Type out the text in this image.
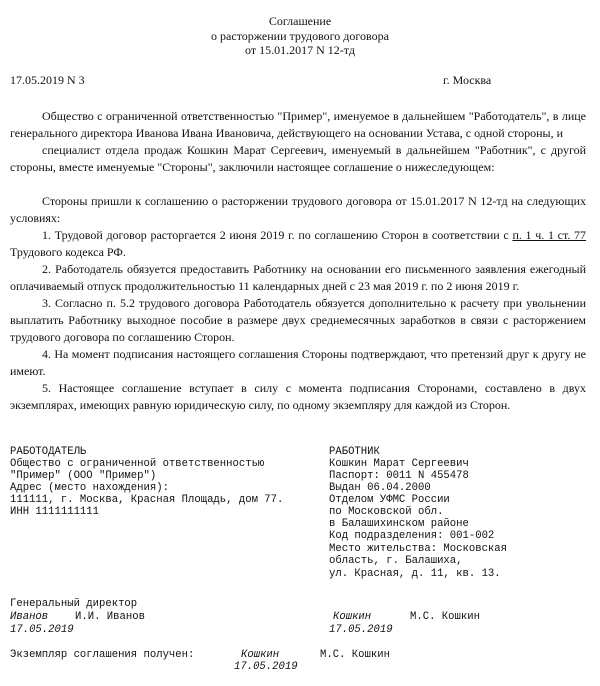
Соглашение
о расторжении трудового договора
от 15.01.2017 N 12-тд
17.05.2019 N 3	г. Москва
Общество с ограниченной ответственностью "Пример", именуемое в дальнейшем "Работодатель", в лице генерального директора Иванова Ивана Ивановича, действующего на основании Устава, с одной стороны, и
специалист отдела продаж Кошкин Марат Сергеевич, именуемый в дальнейшем "Работник", с другой стороны, вместе именуемые "Стороны", заключили настоящее соглашение о нижеследующем:
Стороны пришли к соглашению о расторжении трудового договора от 15.01.2017 N 12-тд на следующих условиях:
1. Трудовой договор расторгается 2 июня 2019 г. по соглашению Сторон в соответствии с п. 1 ч. 1 ст. 77 Трудового кодекса РФ.
2. Работодатель обязуется предоставить Работнику на основании его письменного заявления ежегодный оплачиваемый отпуск продолжительностью 11 календарных дней с 23 мая 2019 г. по 2 июня 2019 г.
3. Согласно п. 5.2 трудового договора Работодатель обязуется дополнительно к расчету при увольнении выплатить Работнику выходное пособие в размере двух среднемесячных заработков в связи с расторжением трудового договора по соглашению Сторон.
4. На момент подписания настоящего соглашения Стороны подтверждают, что претензий друг к другу не имеют.
5. Настоящее соглашение вступает в силу с момента подписания Сторонами, составлено в двух экземплярах, имеющих равную юридическую силу, по одному экземпляру для каждой из Сторон.
РАБОТОДАТЕЛЬ
Общество с ограниченной ответственностью
"Пример" (ООО "Пример")
Адрес (место нахождения):
111111, г. Москва, Красная Площадь, дом 77.
ИНН 1111111111
РАБОТНИК
Кошкин Марат Сергеевич
Паспорт: 0011 N 455478
Выдан 06.04.2000
Отделом УФМС России
по Московской обл.
в Балашихинском районе
Код подразделения: 001-002
Место жительства: Московская
область, г. Балашиха,
ул. Красная, д. 11, кв. 13.
Генеральный директор
Иванов	И.И. Иванов
17.05.2019
Кошкин	М.С. Кошкин
17.05.2019
Экземпляр соглашения получен:	Кошкин	М.С. Кошкин
17.05.2019
